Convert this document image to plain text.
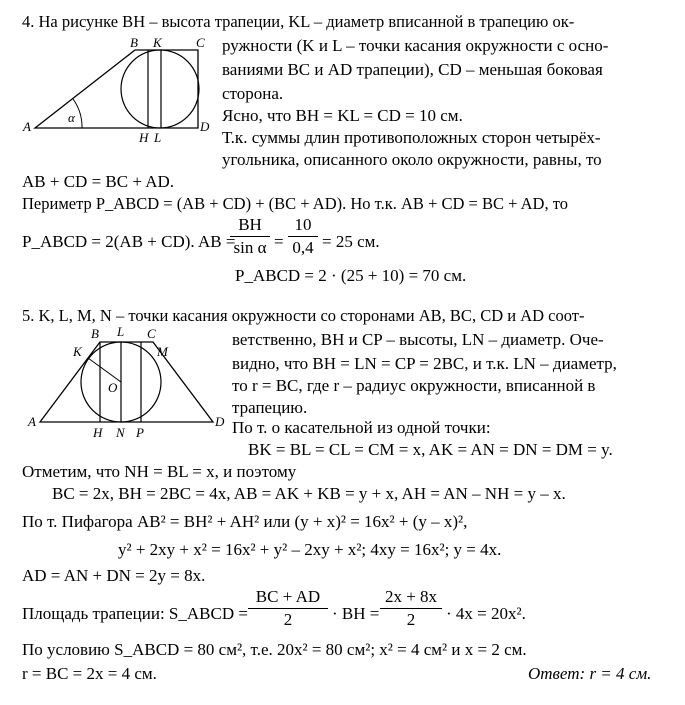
B K	C
A
α
H L
D
B L C
K	M
O
A
H N P
D
4. На рисунке BH – высота трапеции, KL – диаметр вписанной в трапецию ок-
ружности (K и L – точки касания окружности с осно-
ваниями BC и AD трапеции), CD – меньшая боковая
сторона.
Ясно, что BH = KL = CD = 10 см.
Т.к. суммы длин противоположных сторон четырёх-
угольника, описанного около окружности, равны, то
AB + CD = BC + AD.
Периметр P_ABCD = (AB + CD) + (BC + AD). Но т.к. AB + CD = BC + AD, то
P_ABCD = 2(AB + CD). AB =
BH
sin α =
10
0,4 = 25 см.
P_ABCD = 2 · (25 + 10) = 70 см.
5. K, L, M, N – точки касания окружности со сторонами AB, BC, CD и AD соот-
ветственно, BH и CP – высоты, LN – диаметр. Оче-
видно, что BH = LN = CP = 2BC, и т.к. LN – диаметр,
то r = BC, где r – радиус окружности, вписанной в
трапецию.
По т. о касательной из одной точки:
BK = BL = CL = CM = x, AK = AN = DN = DM = y.
Отметим, что NH = BL = x, и поэтому
BC = 2x, BH = 2BC = 4x, AB = AK + KB = y + x, AH = AN – NH = y – x.
По т. Пифагора AB² = BH² + AH² или (y + x)² = 16x² + (y – x)²,
y² + 2xy + x² = 16x² + y² – 2xy + x²; 4xy = 16x²; y = 4x.
AD = AN + DN = 2y = 8x.
Площадь трапеции: S_ABCD =
BC + AD
2	· BH =
2x + 8x
2	· 4x = 20x².
По условию S_ABCD = 80 см², т.е. 20x² = 80 см²; x² = 4 см² и x = 2 см.
r = BC = 2x = 4 см.	Ответ: r = 4 см.
